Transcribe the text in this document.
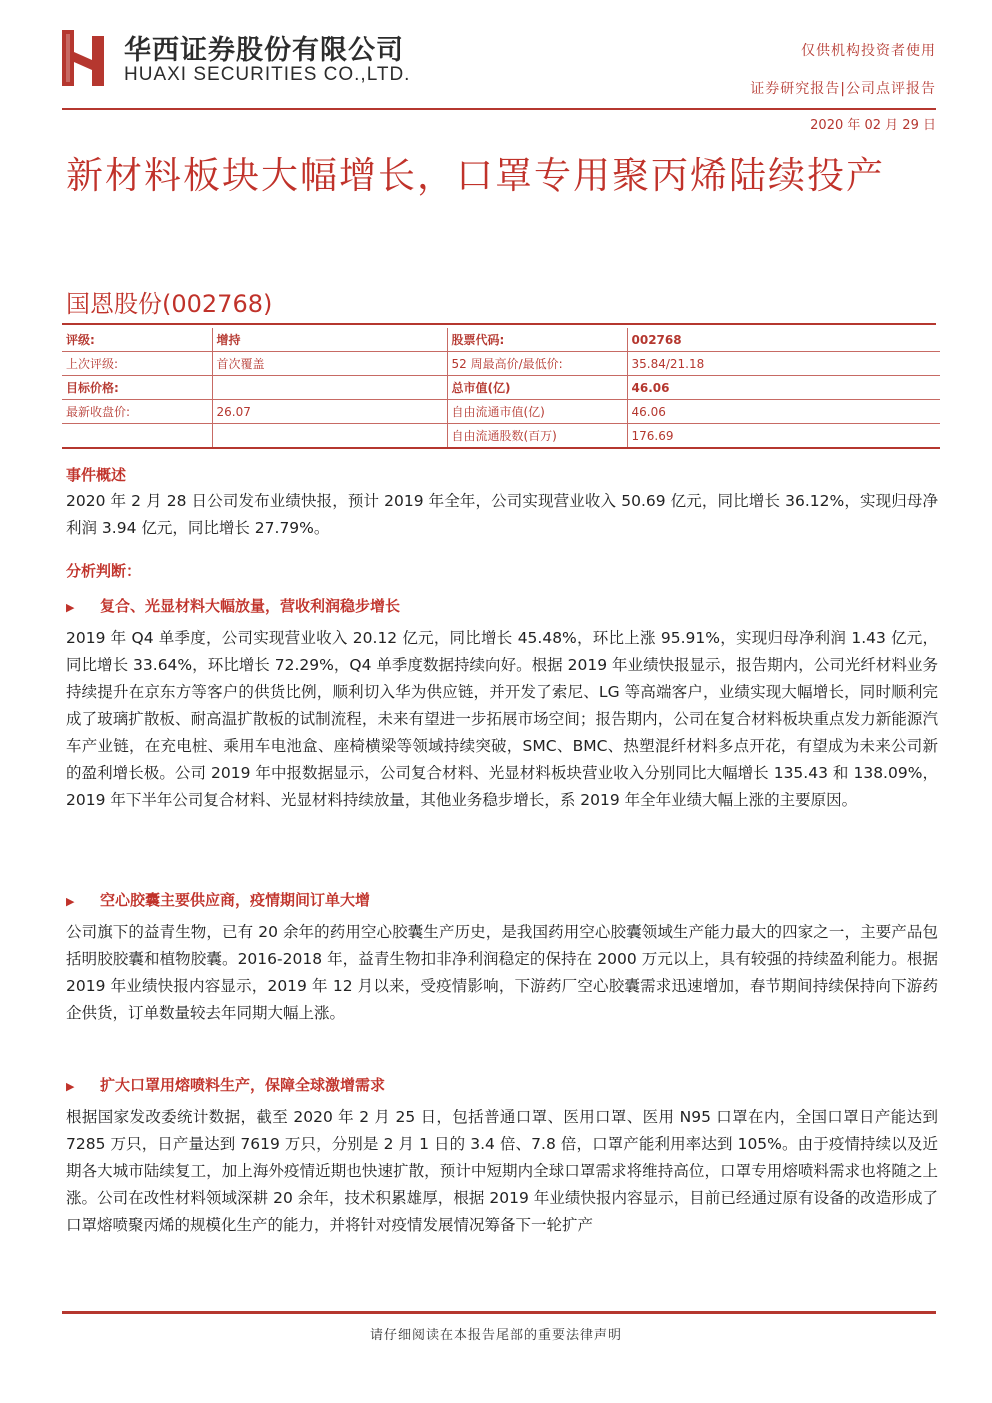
华西证券股份有限公司
HUAXI SECURITIES CO.,LTD.
仅供机构投资者使用
证券研究报告|公司点评报告
2020 年 02 月 29 日
新材料板块大幅增长，口罩专用聚丙烯陆续投产
国恩股份(002768)
评级:	增持	股票代码:	002768
上次评级:	首次覆盖	52 周最高价/最低价:	35.84/21.18
目标价格:		总市值(亿)	46.06
最新收盘价:	26.07	自由流通市值(亿)	46.06
		自由流通股数(百万)	176.69
事件概述

2020 年 2 月 28 日公司发布业绩快报，预计 2019 年全年，公司实现营业收入 50.69 亿元，同比增长 36.12%，实现归母净利润 3.94 亿元，同比增长 27.79%。

分析判断：
▶ 复合、光显材料大幅放量，营收利润稳步增长

2019 年 Q4 单季度，公司实现营业收入 20.12 亿元，同比增长 45.48%，环比上涨 95.91%，实现归母净利润 1.43 亿元，同比增长 33.64%，环比增长 72.29%，Q4 单季度数据持续向好。根据 2019 年业绩快报显示，报告期内，公司光纤材料业务持续提升在京东方等客户的供货比例，顺利切入华为供应链，并开发了索尼、LG 等高端客户，业绩实现大幅增长，同时顺利完成了玻璃扩散板、耐高温扩散板的试制流程，未来有望进一步拓展市场空间；报告期内，公司在复合材料板块重点发力新能源汽车产业链，在充电桩、乘用车电池盒、座椅横梁等领域持续突破，SMC、BMC、热塑混纤材料多点开花，有望成为未来公司新的盈利增长极。公司 2019 年中报数据显示，公司复合材料、光显材料板块营业收入分别同比大幅增长 135.43 和 138.09%，2019 年下半年公司复合材料、光显材料持续放量，其他业务稳步增长，系 2019 年全年业绩大幅上涨的主要原因。

▶ 空心胶囊主要供应商，疫情期间订单大增

公司旗下的益青生物，已有 20 余年的药用空心胶囊生产历史，是我国药用空心胶囊领域生产能力最大的四家之一，主要产品包括明胶胶囊和植物胶囊。2016-2018 年，益青生物扣非净利润稳定的保持在 2000 万元以上，具有较强的持续盈利能力。根据 2019 年业绩快报内容显示，2019 年 12 月以来，受疫情影响，下游药厂空心胶囊需求迅速增加，春节期间持续保持向下游药企供货，订单数量较去年同期大幅上涨。

▶ 扩大口罩用熔喷料生产，保障全球激增需求

根据国家发改委统计数据，截至 2020 年 2 月 25 日，包括普通口罩、医用口罩、医用 N95 口罩在内，全国口罩日产能达到 7285 万只，日产量达到 7619 万只，分别是 2 月 1 日的 3.4 倍、7.8 倍，口罩产能利用率达到 105%。由于疫情持续以及近期各大城市陆续复工，加上海外疫情近期也快速扩散，预计中短期内全球口罩需求将维持高位，口罩专用熔喷料需求也将随之上涨。公司在改性材料领域深耕 20 余年，技术积累雄厚，根据 2019 年业绩快报内容显示，目前已经通过原有设备的改造形成了口罩熔喷聚丙烯的规模化生产的能力，并将针对疫情发展情况筹备下一轮扩产

请仔细阅读在本报告尾部的重要法律声明
